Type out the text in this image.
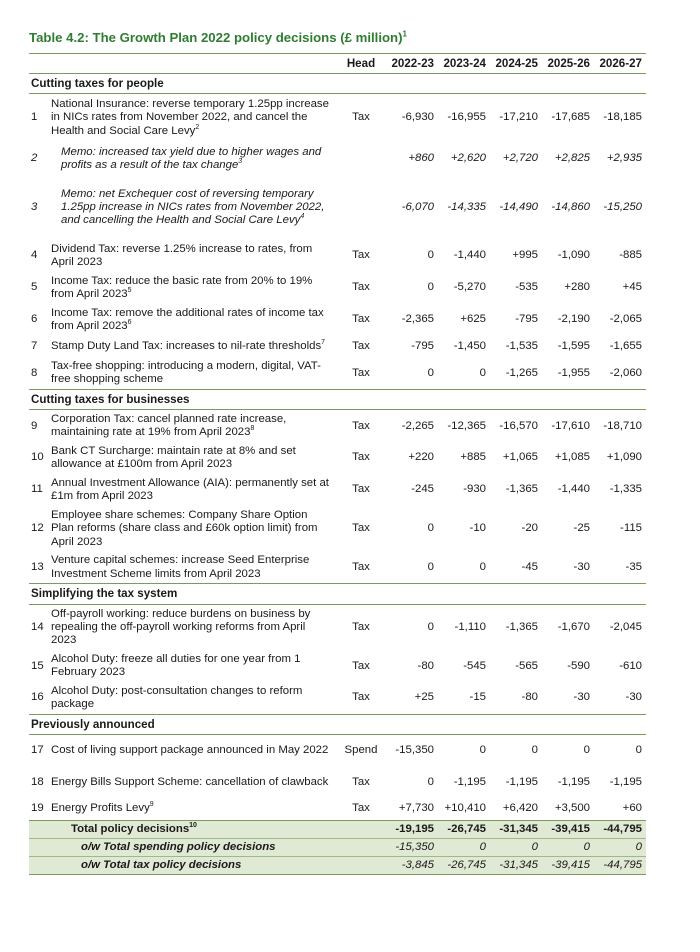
Table 4.2: The Growth Plan 2022 policy decisions (£ million)$^1$
		Head	2022-23	2023-24	2024-25	2025-26	2026-27
Cutting taxes for people							
1	National Insurance: reverse temporary 1.25pp increase in NICs rates from November 2022, and cancel the Health and Social Care Levy$^2$	Tax	-6,930	-16,955	-17,210	-17,685	-18,185
2	Memo: increased tax yield due to higher wages and profits as a result of the tax change$^3$		+860	+2,620	+2,720	+2,825	+2,935
3	Memo: net Exchequer cost of reversing temporary 1.25pp increase in NICs rates from November 2022, and cancelling the Health and Social Care Levy$^4$		-6,070	-14,335	-14,490	-14,860	-15,250
4	Dividend Tax: reverse 1.25% increase to rates, from April 2023	Tax	0	-1,440	+995	-1,090	-885
5	Income Tax: reduce the basic rate from 20% to 19% from April 2023$^5$	Tax	0	-5,270	-535	+280	+45
6	Income Tax: remove the additional rates of income tax from April 2023$^6$	Tax	-2,365	+625	-795	-2,190	-2,065
7	Stamp Duty Land Tax: increases to nil-rate thresholds$^7$	Tax	-795	-1,450	-1,535	-1,595	-1,655
8	Tax-free shopping: introducing a modern, digital, VAT-free shopping scheme	Tax	0	0	-1,265	-1,955	-2,060
Cutting taxes for businesses							
9	Corporation Tax: cancel planned rate increase, maintaining rate at 19% from April 2023$^8$	Tax	-2,265	-12,365	-16,570	-17,610	-18,710
10	Bank CT Surcharge: maintain rate at 8% and set allowance at £100m from April 2023	Tax	+220	+885	+1,065	+1,085	+1,090
11	Annual Investment Allowance (AIA): permanently set at £1m from April 2023	Tax	-245	-930	-1,365	-1,440	-1,335
12	Employee share schemes: Company Share Option Plan reforms (share class and £60k option limit) from April 2023	Tax	0	-10	-20	-25	-115
13	Venture capital schemes: increase Seed Enterprise Investment Scheme limits from April 2023	Tax	0	0	-45	-30	-35
Simplifying the tax system							
14	Off-payroll working: reduce burdens on business by repealing the off-payroll working reforms from April 2023	Tax	0	-1,110	-1,365	-1,670	-2,045
15	Alcohol Duty: freeze all duties for one year from 1 February 2023	Tax	-80	-545	-565	-590	-610
16	Alcohol Duty: post-consultation changes to reform package	Tax	+25	-15	-80	-30	-30
Previously announced							
17	Cost of living support package announced in May 2022	Spend	-15,350	0	0	0	0
18	Energy Bills Support Scheme: cancellation of clawback	Tax	0	-1,195	-1,195	-1,195	-1,195
19	Energy Profits Levy$^9$	Tax	+7,730	+10,410	+6,420	+3,500	+60
	Total policy decisions$^{10}$		-19,195	-26,745	-31,345	-39,415	-44,795
	o/w Total spending policy decisions		-15,350	0	0	0	0
	o/w Total tax policy decisions		-3,845	-26,745	-31,345	-39,415	-44,795
